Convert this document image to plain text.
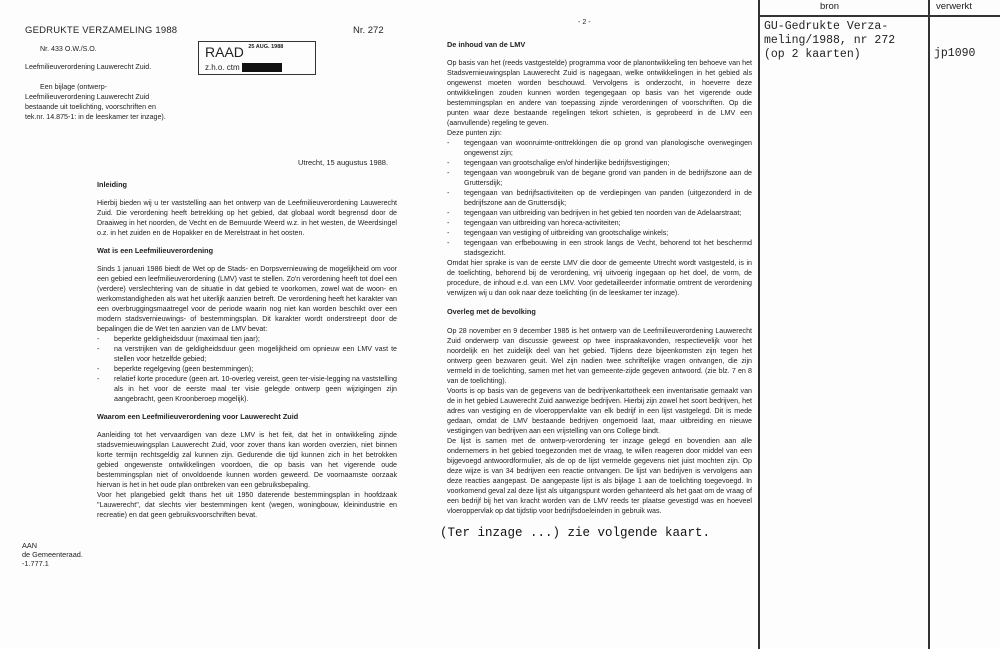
GEDRUKTE VERZAMELING 1988	Nr. 272
Nr. 433 O.W./S.O.
Leefmilieuverordening Lauwerecht Zuid.
Een bijlage (ontwerp-Leefmilieuverordening Lauwerecht Zuid bestaande uit toelichting, voorschriften en tek.nr. 14.875-1: in de leeskamer ter inzage).
RAAD $^{25 AUG. 1988}$
z.h.o. ctm
Utrecht, 15 augustus 1988.

Inleiding

Hierbij bieden wij u ter vaststelling aan het ontwerp van de Leefmilieuverordening Lauwerecht Zuid. Die verordening heeft betrekking op het gebied, dat globaal wordt begrensd door de Draaiweg in het noorden, de Vecht en de Bemuurde Weerd w.z. in het westen, de Weerdsingel o.z. in het zuiden en de Hopakker en de Merelstraat in het oosten.

Wat is een Leefmilieuverordening

Sinds 1 januari 1986 biedt de Wet op de Stads- en Dorpsvernieuwing de mogelijkheid om voor een gebied een leefmilieuverordening (LMV) vast te stellen. Zo'n verordening heeft tot doel een (verdere) verslechtering van de situatie in dat gebied te voorkomen, zowel wat de woon- en werkomstandigheden als wat het uiterlijk aanzien betreft. De verordening heeft het karakter van een overbruggingsmaatregel voor de periode waarin nog niet kan worden beschikt over een modern stadsvernieuwings- of bestemmingsplan. Dit karakter wordt onderstreept door de bepalingen die de Wet ten aanzien van de LMV bevat:

- beperkte geldigheidsduur (maximaal tien jaar);
- na verstrijken van de geldigheidsduur geen mogelijkheid om opnieuw een LMV vast te stellen voor hetzelfde gebied;
- beperkte regelgeving (geen bestemmingen);
- relatief korte procedure (geen art. 10-overleg vereist, geen ter-visie-legging na vaststelling als in het voor de eerste maal ter visie gelegde ontwerp geen wijzigingen zijn aangebracht, geen Kroonberoep mogelijk).

Waarom een Leefmilieuverordening voor Lauwerecht Zuid

Aanleiding tot het vervaardigen van deze LMV is het feit, dat het in ontwikkeling zijnde stadsvernieuwingsplan Lauwerecht Zuid, voor zover thans kan worden overzien, niet binnen korte termijn rechtsgeldig zal kunnen zijn. Gedurende die tijd kunnen zich in het betrokken gebied ongewenste ontwikkelingen voordoen, die op basis van het vigerende oude bestemmingsplan niet of onvoldoende kunnen worden geweerd. De voornaamste oorzaak hiervan is het in het oude plan ontbreken van een gebruiksbepaling.

Voor het plangebied geldt thans het uit 1950 daterende bestemmingsplan in hoofdzaak "Lauwerecht", dat slechts vier bestemmingen kent (wegen, woningbouw, kleinindustrie en recreatie) en dat geen gebruiksvoorschriften bevat.

AAN
de Gemeenteraad.
-1.777.1
- 2 -

De inhoud van de LMV

Op basis van het (reeds vastgestelde) programma voor de planontwikkeling ten behoeve van het Stadsvernieuwingsplan Lauwerecht Zuid is nagegaan, welke ontwikkelingen in het gebied als ongewenst moeten worden beschouwd. Vervolgens is onderzocht, in hoeverre deze ontwikkelingen zouden kunnen worden tegengegaan op basis van het vigerende oude bestemmingsplan en andere van toepassing zijnde verordeningen of voorschriften. Op die punten waar deze bestaande regelingen tekort schieten, is geprobeerd in de LMV een (aanvullende) regeling te geven.

Deze punten zijn:

- tegengaan van woonruimte-onttrekkingen die op grond van planologische overwegingen ongewenst zijn;
- tegengaan van grootschalige en/of hinderlijke bedrijfsvestigingen;
- tegengaan van woongebruik van de begane grond van panden in de bedrijfszone aan de Gruttersdijk;
- tegengaan van bedrijfsactiviteiten op de verdiepingen van panden (uitgezonderd in de bedrijfszone aan de Gruttersdijk;
- tegengaan van uitbreiding van bedrijven in het gebied ten noorden van de Adelaarstraat;
- tegengaan van uitbreiding van horeca-activiteiten;
- tegengaan van vestiging of uitbreiding van grootschalige winkels;
- tegengaan van erfbebouwing in een strook langs de Vecht, behorend tot het beschermd stadsgezicht.

Omdat hier sprake is van de eerste LMV die door de gemeente Utrecht wordt vastgesteld, is in de toelichting, behorend bij de verordening, vrij uitvoerig ingegaan op het doel, de vorm, de procedure, de inhoud e.d. van een LMV. Voor gedetailleerder informatie omtrent de verordening verwijzen wij u dan ook naar deze toelichting (in de leeskamer ter inzage).

Overleg met de bevolking

Op 28 november en 9 december 1985 is het ontwerp van de Leefmilieuverordening Lauwerecht Zuid onderwerp van discussie geweest op twee inspraakavonden, respectievelijk voor het noordelijk en het zuidelijk deel van het gebied. Tijdens deze bijeenkomsten zijn tegen het ontwerp geen bezwaren geuit. Wel zijn nadien twee schriftelijke vragen ontvangen, die zijn vermeld in de toelichting, samen met het van gemeente-zijde gegeven antwoord. (zie blz. 7 en 8 van de toelichting).

Voorts is op basis van de gegevens van de bedrijvenkartotheek een inventarisatie gemaakt van de in het gebied Lauwerecht Zuid aanwezige bedrijven. Hierbij zijn zowel het soort bedrijven, het adres van vestiging en de vloeroppervlakte van elk bedrijf in een lijst vastgelegd. Dit is mede gedaan, omdat de LMV bestaande bedrijven ongemoeid laat, maar uitbreiding en nieuwe vestigingen van bedrijven aan een vrijstelling van ons College bindt.

De lijst is samen met de ontwerp-verordening ter inzage gelegd en bovendien aan alle ondernemers in het gebied toegezonden met de vraag, te willen reageren door middel van een bijgevoegd antwoordformulier, als de op de lijst vermelde gegevens niet juist mochten zijn. Op deze wijze is van 34 bedrijven een reactie ontvangen. De lijst van bedrijven is vervolgens aan deze reacties aangepast. De aangepaste lijst is als bijlage 1 aan de toelichting toegevoegd. In voorkomend geval zal deze lijst als uitgangspunt worden gehanteerd als het gaat om de vraag of een bedrijf bij het van kracht worden van de LMV reeds ter plaatse gevestigd was en hoeveel vloeroppervlak op dat tijdstip voor bedrijfsdoeleinden in gebruik was.

(Ter inzage ...) zie volgende kaart.
bron	verwerkt
GU-Gedrukte Verza-
meling/1988, nr 272
(op 2 kaarten)	jp1090
